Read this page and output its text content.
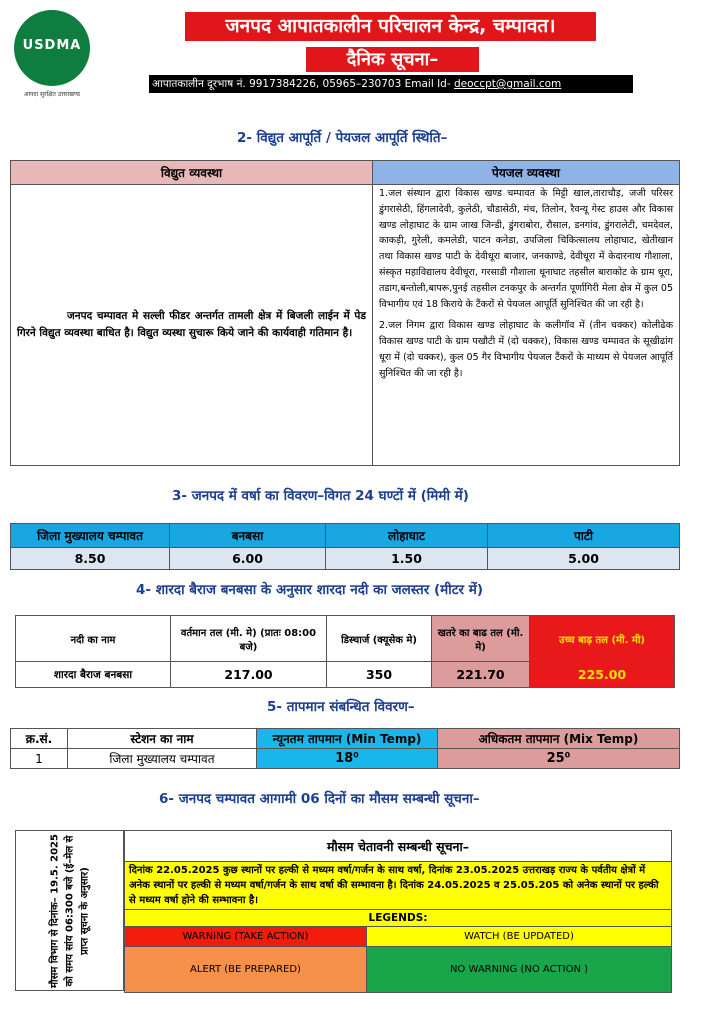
USDMA
आपदा सुरक्षित उत्तराखण्ड
जनपद आपातकालीन परिचालन केन्द्र, चम्पावत।
दैनिक सूचना–
आपातकालीन दूरभाष नं. 9917384226, 05965–230703 Email Id- deoccpt@gmail.com
2- विद्युत आपूर्ति / पेयजल आपूर्ति स्थिति–
विद्युत व्यवस्था	पेयजल व्यवस्था
जनपद चम्पावत मे सल्ली फीडर अन्तर्गत तामली क्षेत्र में बिजली लाईन में पेड गिरने विद्युत व्यवस्था बाधित है। विद्युत व्यस्था सुचारू किये जाने की कार्यवाही गतिमान है।	1.जल संस्थान द्वारा विकास खण्ड चम्पावत के मिट्टी खाल,ताराचौड़, जजी परिसर डुंगरासेठी, हिंगलादेवी, कुलेठी, चौडासेठी, मंच, तिलोन, रैवन्यू गेस्ट हाउस और विकास खण्ड लोहाघाट के ग्राम जाख जिन्डी, डुंगराबोरा, रौसाल, डनगांव, डुंगरालेटी, चमदेवल, काकड़ी, गुरेली, कमलेडी, पाटन कनेडा, उपजिला चिकित्सालय लोहाघाट, खेतीखान तथा विकास खण्ड पाटी के देवीधूरा बाजार, जनकाण्डे, देवीधूरा में केदारनाथ गौशाला, संस्कृत महाविद्यालय देवीधूरा, गरसाडी गौशाला धूनाघाट तहसील बाराकोट के ग्राम धूरा, तडाग,बन्तोली,बापरू,पुनई तहसील टनकपुर के अन्तर्गत पूर्णागिरी मेला क्षेत्र में कुल 05 विभागीय एवं 18 किराये के टैंकरों से पेयजल आपूर्ति सुनिश्चित की जा रही है।

2.जल निगम द्वारा विकास खण्ड लोहाघाट के कलीगॉव में (तीन चक्कर) कोलीढेक विकास खण्ड पाटी के ग्राम पखौटी में (दो चक्कर), विकास खण्ड चम्पावत के सूखीढांग धूरा में (दो चक्कर), कुल 05 गैर विभागीय पेयजल टैंकरों के माध्यम से पेयजल आपूर्ति सुनिश्चित की जा रही है।

3- जनपद में वर्षा का विवरण–विगत 24 घण्टों में (मिमी में)
जिला मुख्यालय चम्पावत	बनबसा	लोहाघाट	पाटी
8.50	6.00	1.50	5.00
4- शारदा बैराज बनबसा के अनुसार शारदा नदी का जलस्तर (मीटर में)
नदी का नाम	वर्तमान तल (मी. मे) (प्रातः 08:00 बजे)	डिस्चार्ज (क्यूसेक मे)	खतरे का बाढ तल (मी. मे)	उच्च बाढ़ तल (मी. मी)
शारदा बैराज बनबसा	217.00	350	221.70	225.00
5- तापमान संबन्धित विवरण–
क्र.सं.	स्टेशन का नाम	न्यूनतम तापमान (Min Temp)	अधिकतम तापमान (Mix Temp)
1	जिला मुख्यालय चम्पावत	18⁰	25⁰
6- जनपद चम्पावत आगामी 06 दिनों का मौसम सम्बन्धी सूचना–
मौसम विभाग से दिनांक– 19.5. 2025 को समय सांय 06:300 बजे (ई–मेल से प्राप्त सूचना के अनुसार)
मौसम चेतावनी सम्बन्धी सूचना–	
दिनांक 22.05.2025 कुछ स्थानों पर हल्की से मध्यम वर्षा/गर्जन के साथ वर्षा, दिनांक 23.05.2025 उत्तराखड़ राज्य के पर्वतीय क्षेत्रों में अनेक स्थानों पर हल्की से मध्यम वर्षा/गर्जन के साथ वर्षा की सम्भावना है। दिनांक 24.05.2025 व 25.05.205 को अनेक स्थानों पर हल्की से मध्यम वर्षा होने की सम्भावना है।	
LEGENDS:	
WARNING (TAKE ACTION)	WATCH (BE UPDATED)
ALERT (BE PREPARED)	NO WARNING (NO ACTION )
